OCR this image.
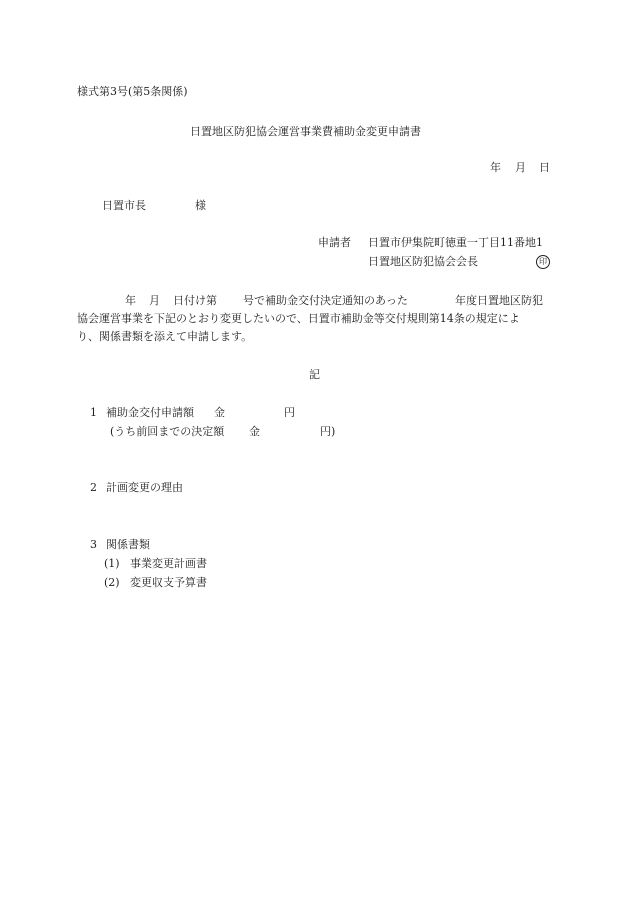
様式第3号(第5条関係)
日置地区防犯協会運営事業費補助金変更申請書
年 月 日
日置市長	様
申請者 日置市伊集院町徳重一丁目11番地1
日置地区防犯協会会長	印
年 月 日付け第 号で補助金交付決定通知のあった	年度日置地区防犯
協会運営事業を下記のとおり変更したいので、日置市補助金等交付規則第14条の規定によ
り、関係書類を添えて申請します。
記
1 補助金交付申請額 金	円
(うち前回までの決定額 金	円)
2 計画変更の理由
3 関係書類
(1) 事業変更計画書
(2) 変更収支予算書
